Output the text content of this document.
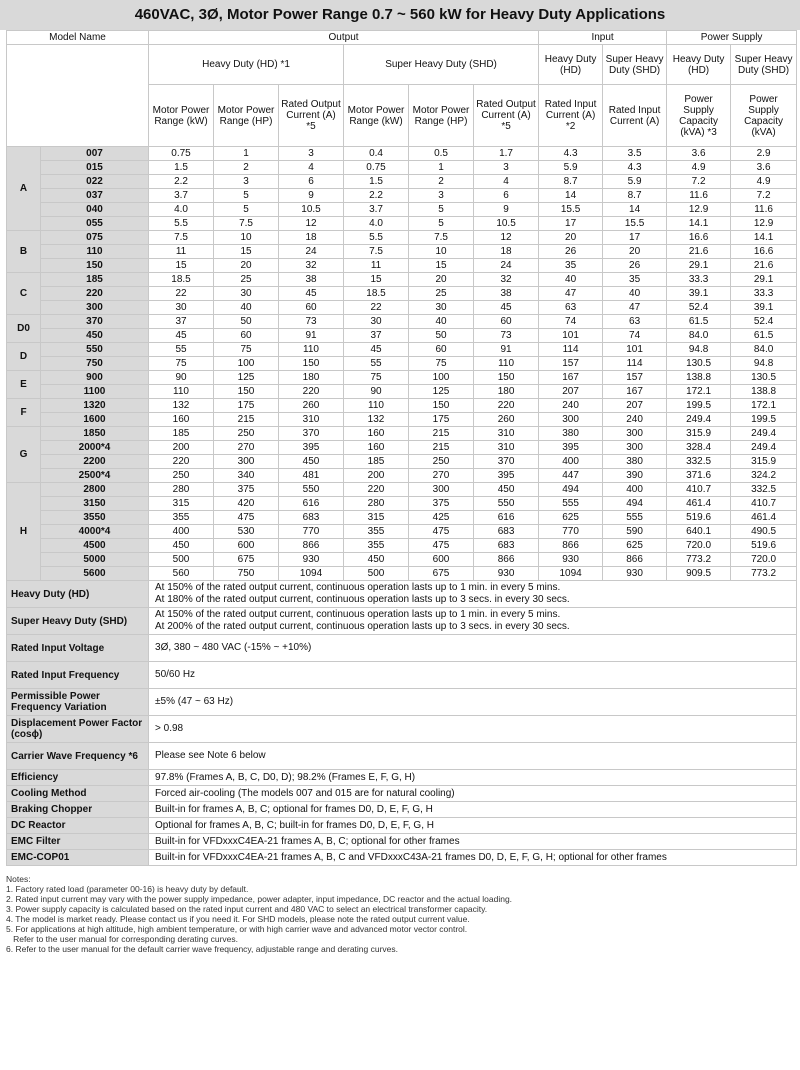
460VAC, 3Ø, Motor Power Range 0.7 ~ 560 kW for Heavy Duty Applications
Model Name		Output						Input		Power Supply	
		Heavy Duty (HD) *1			Super Heavy Duty (SHD)			Heavy Duty (HD)	Super Heavy Duty (SHD)	Heavy Duty (HD)	Super Heavy Duty (SHD)
		Motor Power Range (kW)	Motor Power Range (HP)	Rated Output Current (A) *5	Motor Power Range (kW)	Motor Power Range (HP)	Rated Output Current (A) *5	Rated Input Current (A) *2	Rated Input Current (A)	Power Supply Capacity (kVA) *3	Power Supply Capacity (kVA)
A	007	0.75	1	3	0.4	0.5	1.7	4.3	3.5	3.6	2.9
	015	1.5	2	4	0.75	1	3	5.9	4.3	4.9	3.6
	022	2.2	3	6	1.5	2	4	8.7	5.9	7.2	4.9
	037	3.7	5	9	2.2	3	6	14	8.7	11.6	7.2
	040	4.0	5	10.5	3.7	5	9	15.5	14	12.9	11.6
	055	5.5	7.5	12	4.0	5	10.5	17	15.5	14.1	12.9
B	075	7.5	10	18	5.5	7.5	12	20	17	16.6	14.1
	110	11	15	24	7.5	10	18	26	20	21.6	16.6
	150	15	20	32	11	15	24	35	26	29.1	21.6
C	185	18.5	25	38	15	20	32	40	35	33.3	29.1
	220	22	30	45	18.5	25	38	47	40	39.1	33.3
	300	30	40	60	22	30	45	63	47	52.4	39.1
D0	370	37	50	73	30	40	60	74	63	61.5	52.4
	450	45	60	91	37	50	73	101	74	84.0	61.5
D	550	55	75	110	45	60	91	114	101	94.8	84.0
	750	75	100	150	55	75	110	157	114	130.5	94.8
E	900	90	125	180	75	100	150	167	157	138.8	130.5
	1100	110	150	220	90	125	180	207	167	172.1	138.8
F	1320	132	175	260	110	150	220	240	207	199.5	172.1
	1600	160	215	310	132	175	260	300	240	249.4	199.5
G	1850	185	250	370	160	215	310	380	300	315.9	249.4
	2000*4	200	270	395	160	215	310	395	300	328.4	249.4
	2200	220	300	450	185	250	370	400	380	332.5	315.9
	2500*4	250	340	481	200	270	395	447	390	371.6	324.2
H	2800	280	375	550	220	300	450	494	400	410.7	332.5
	3150	315	420	616	280	375	550	555	494	461.4	410.7
	3550	355	475	683	315	425	616	625	555	519.6	461.4
	4000*4	400	530	770	355	475	683	770	590	640.1	490.5
	4500	450	600	866	355	475	683	866	625	720.0	519.6
	5000	500	675	930	450	600	866	930	866	773.2	720.0
	5600	560	750	1094	500	675	930	1094	930	909.5	773.2
Heavy Duty (HD)		At 150% of the rated output current, continuous operation lasts up to 1 min. in every 5 mins.
At 180% of the rated output current, continuous operation lasts up to 3 secs. in every 30 secs.									
Super Heavy Duty (SHD)		At 150% of the rated output current, continuous operation lasts up to 1 min. in every 5 mins.
At 200% of the rated output current, continuous operation lasts up to 3 secs. in every 30 secs.									
Rated Input Voltage		3Ø, 380 ~ 480 VAC (-15% ~ +10%)									
Rated Input Frequency		50/60 Hz									
Permissible Power Frequency Variation		±5% (47 ~ 63 Hz)									
Displacement Power Factor (cosϕ)		> 0.98									
Carrier Wave Frequency *6		Please see Note 6 below									
Efficiency		97.8% (Frames A, B, C, D0, D); 98.2% (Frames E, F, G, H)									
Cooling Method		Forced air-cooling (The models 007 and 015 are for natural cooling)									
Braking Chopper		Built-in for frames A, B, C; optional for frames D0, D, E, F, G, H									
DC Reactor		Optional for frames A, B, C; built-in for frames D0, D, E, F, G, H									
EMC Filter		Built-in for VFDxxxC4EA-21 frames A, B, C; optional for other frames									
EMC-COP01		Built-in for VFDxxxC4EA-21 frames A, B, C and VFDxxxC43A-21 frames D0, D, E, F, G, H; optional for other frames									
Notes:
1. Factory rated load (parameter 00-16) is heavy duty by default.
2. Rated input current may vary with the power supply impedance, power adapter, input impedance, DC reactor and the actual loading.
3. Power supply capacity is calculated based on the rated input current and 480 VAC to select an electrical transformer capacity.
4. The model is market ready. Please contact us if you need it. For SHD models, please note the rated output current value.
5. For applications at high altitude, high ambient temperature, or with high carrier wave and advanced motor vector control.
Refer to the user manual for corresponding derating curves.
6. Refer to the user manual for the default carrier wave frequency, adjustable range and derating curves.
